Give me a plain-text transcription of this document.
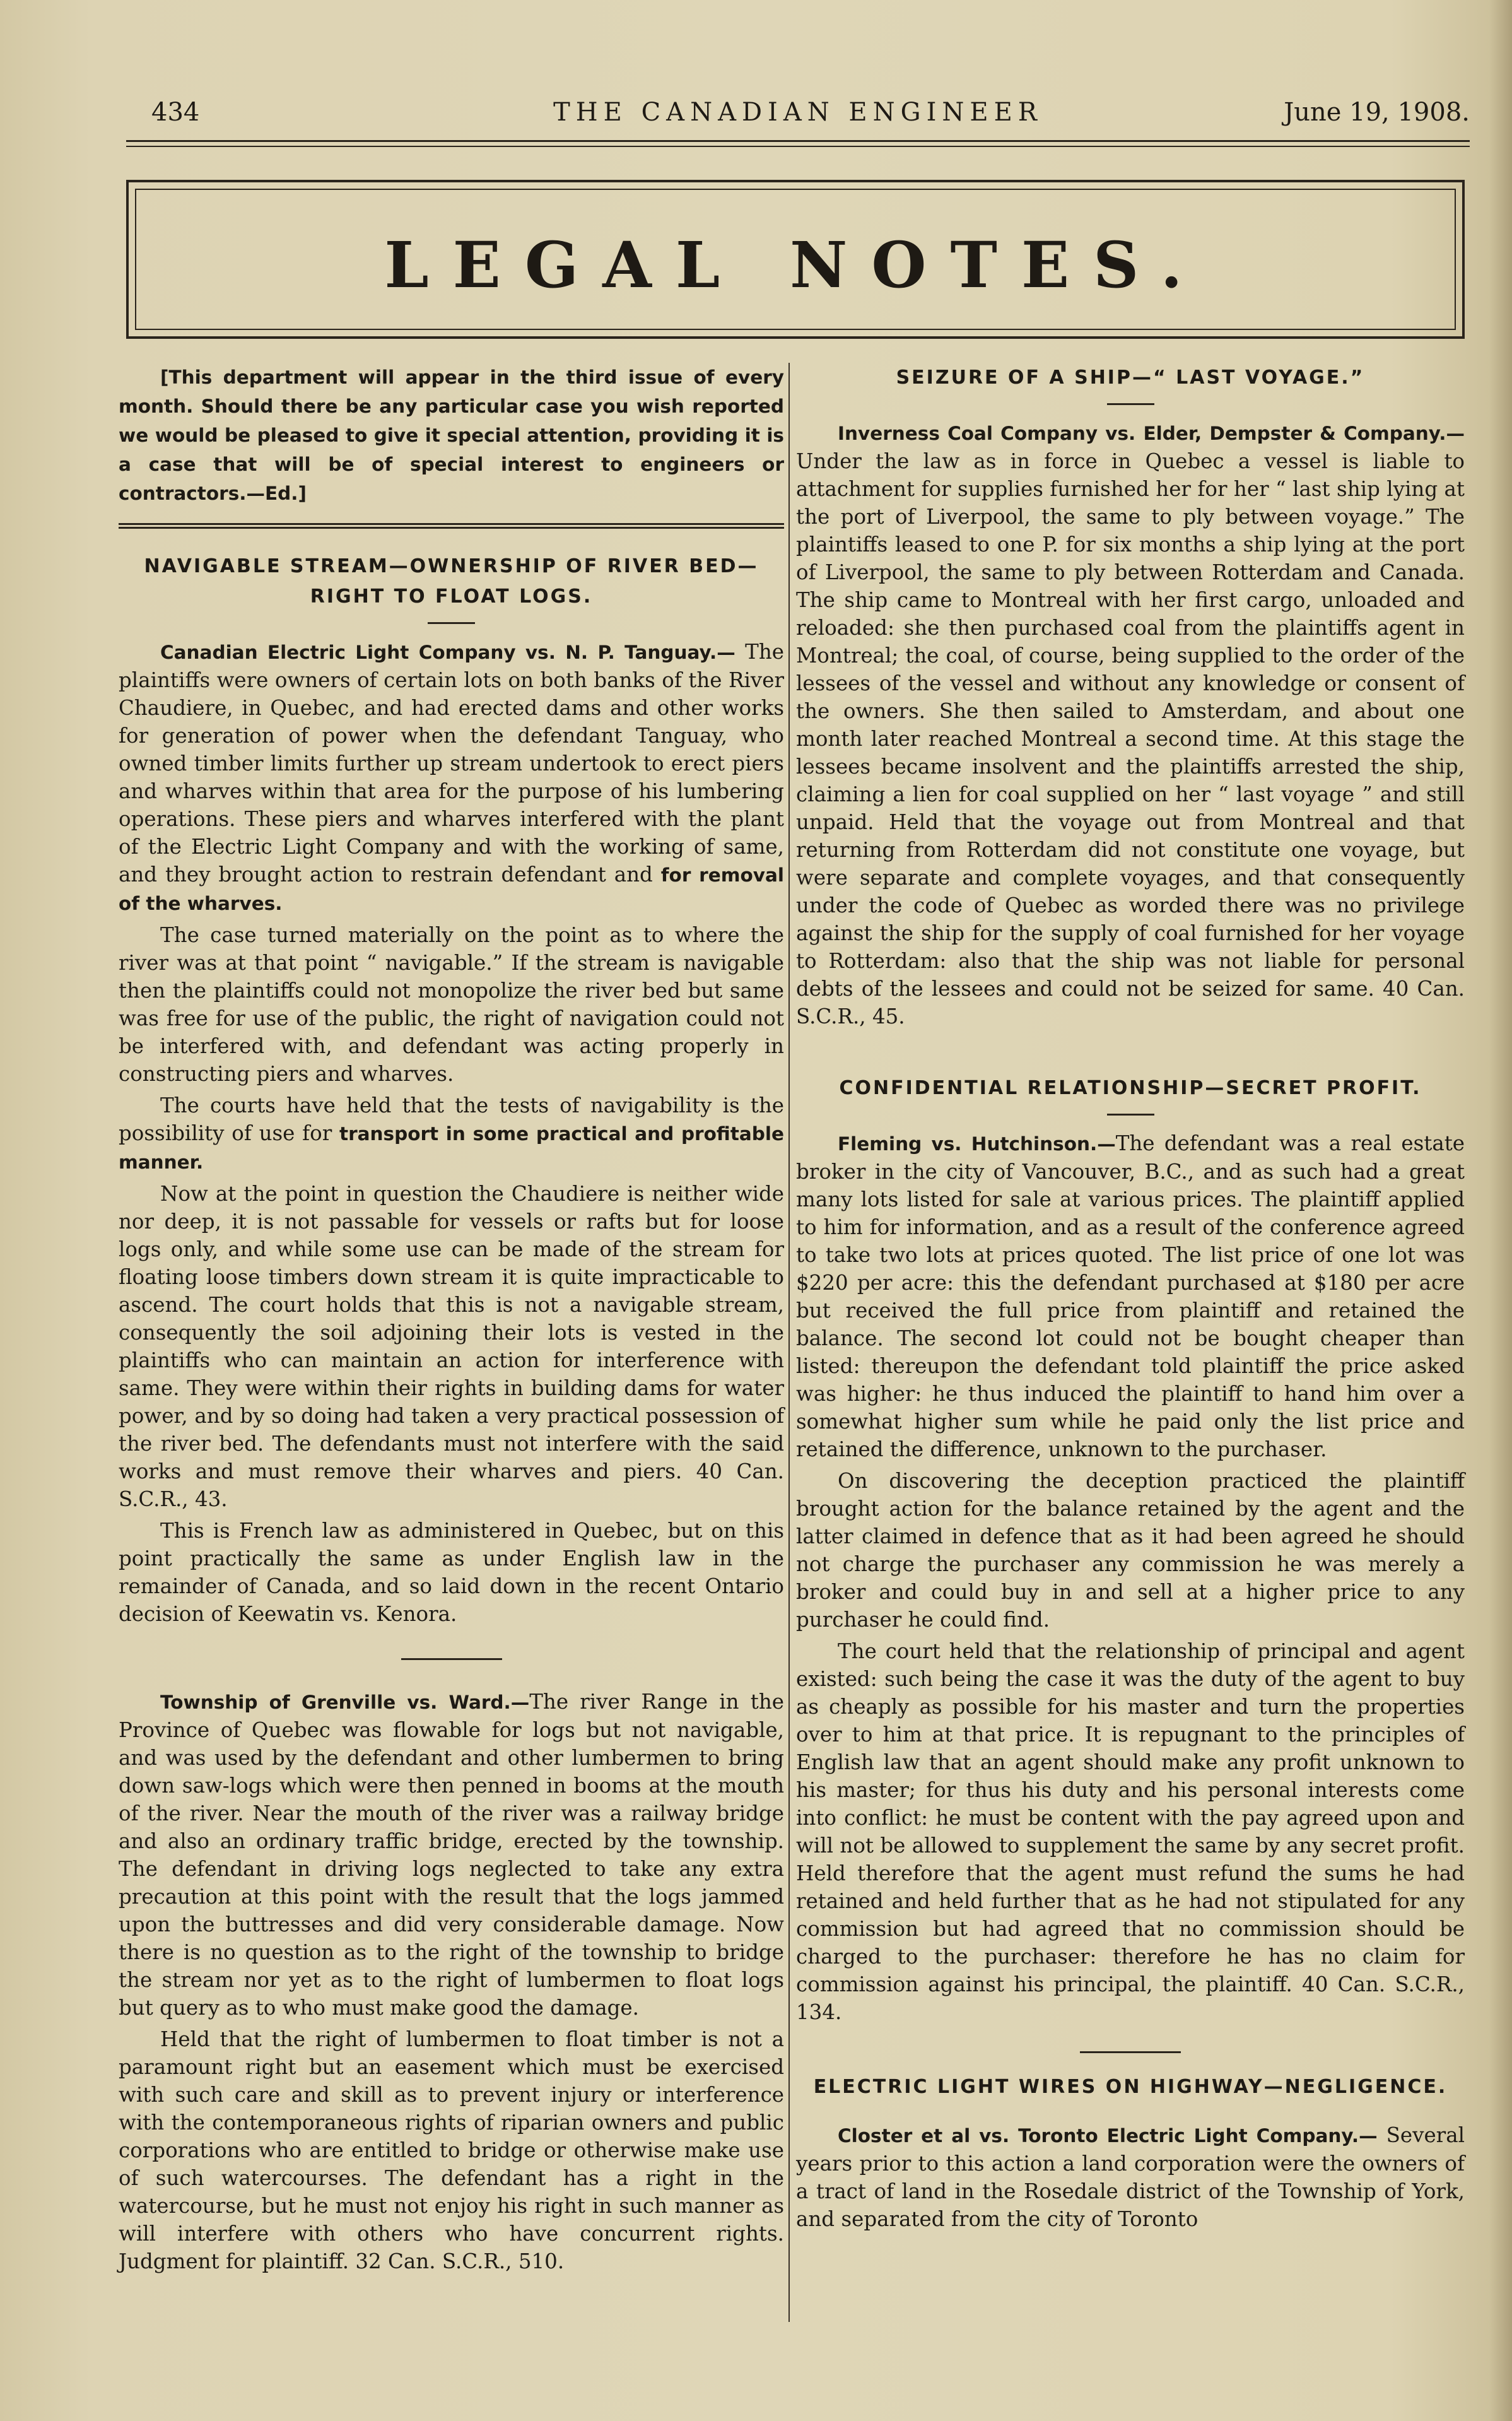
434	THE CANADIAN ENGINEER	June 19, 1908.
LEGAL NOTES.

[This department will appear in the third issue of every month. Should there be any particular case you wish reported we would be pleased to give it special attention, providing it is a case that will be of special interest to engineers or contractors.—Ed.]

NAVIGABLE STREAM—OWNERSHIP OF RIVER BED—RIGHT TO FLOAT LOGS.

Canadian Electric Light Company vs. N. P. Tanguay.— The plaintiffs were owners of certain lots on both banks of the River Chaudiere, in Quebec, and had erected dams and other works for generation of power when the defendant Tanguay, who owned timber limits further up stream undertook to erect piers and wharves within that area for the purpose of his lumbering operations. These piers and wharves interfered with the plant of the Electric Light Company and with the working of same, and they brought action to restrain defendant and for removal of the wharves.

The case turned materially on the point as to where the river was at that point “ navigable.” If the stream is navigable then the plaintiffs could not monopolize the river bed but same was free for use of the public, the right of navigation could not be interfered with, and defendant was acting properly in constructing piers and wharves.

The courts have held that the tests of navigability is the possibility of use for transport in some practical and profitable manner.

Now at the point in question the Chaudiere is neither wide nor deep, it is not passable for vessels or rafts but for loose logs only, and while some use can be made of the stream for floating loose timbers down stream it is quite impracticable to ascend. The court holds that this is not a navigable stream, consequently the soil adjoining their lots is vested in the plaintiffs who can maintain an action for interference with same. They were within their rights in building dams for water power, and by so doing had taken a very practical possession of the river bed. The defendants must not interfere with the said works and must remove their wharves and piers. 40 Can. S.C.R., 43.

This is French law as administered in Quebec, but on this point practically the same as under English law in the remainder of Canada, and so laid down in the recent Ontario decision of Keewatin vs. Kenora.

Township of Grenville vs. Ward.—The river Range in the Province of Quebec was flowable for logs but not navigable, and was used by the defendant and other lumbermen to bring down saw-logs which were then penned in booms at the mouth of the river. Near the mouth of the river was a railway bridge and also an ordinary traffic bridge, erected by the township. The defendant in driving logs neglected to take any extra precaution at this point with the result that the logs jammed upon the buttresses and did very considerable damage. Now there is no question as to the right of the township to bridge the stream nor yet as to the right of lumbermen to float logs but query as to who must make good the damage.

Held that the right of lumbermen to float timber is not a paramount right but an easement which must be exercised with such care and skill as to prevent injury or interference with the contemporaneous rights of riparian owners and public corporations who are entitled to bridge or otherwise make use of such watercourses. The defendant has a right in the watercourse, but he must not enjoy his right in such manner as will interfere with others who have concurrent rights. Judgment for plaintiff. 32 Can. S.C.R., 510.

SEIZURE OF A SHIP—“ LAST VOYAGE.”

Inverness Coal Company vs. Elder, Dempster & Company.—Under the law as in force in Quebec a vessel is liable to attachment for supplies furnished her for her “ last ship lying at the port of Liverpool, the same to ply between voyage.” The plaintiffs leased to one P. for six months a ship lying at the port of Liverpool, the same to ply between Rotterdam and Canada. The ship came to Montreal with her first cargo, unloaded and reloaded: she then purchased coal from the plaintiffs agent in Montreal; the coal, of course, being supplied to the order of the lessees of the vessel and without any knowledge or consent of the owners. She then sailed to Amsterdam, and about one month later reached Montreal a second time. At this stage the lessees became insolvent and the plaintiffs arrested the ship, claiming a lien for coal supplied on her “ last voyage ” and still unpaid. Held that the voyage out from Montreal and that returning from Rotterdam did not constitute one voyage, but were separate and complete voyages, and that consequently under the code of Quebec as worded there was no privilege against the ship for the supply of coal furnished for her voyage to Rotterdam: also that the ship was not liable for personal debts of the lessees and could not be seized for same. 40 Can. S.C.R., 45.

CONFIDENTIAL RELATIONSHIP—SECRET PROFIT.

Fleming vs. Hutchinson.—The defendant was a real estate broker in the city of Vancouver, B.C., and as such had a great many lots listed for sale at various prices. The plaintiff applied to him for information, and as a result of the conference agreed to take two lots at prices quoted. The list price of one lot was $220 per acre: this the defendant purchased at $180 per acre but received the full price from plaintiff and retained the balance. The second lot could not be bought cheaper than listed: thereupon the defendant told plaintiff the price asked was higher: he thus induced the plaintiff to hand him over a somewhat higher sum while he paid only the list price and retained the difference, unknown to the purchaser.

On discovering the deception practiced the plaintiff brought action for the balance retained by the agent and the latter claimed in defence that as it had been agreed he should not charge the purchaser any commission he was merely a broker and could buy in and sell at a higher price to any purchaser he could find.

The court held that the relationship of principal and agent existed: such being the case it was the duty of the agent to buy as cheaply as possible for his master and turn the properties over to him at that price. It is repugnant to the principles of English law that an agent should make any profit unknown to his master; for thus his duty and his personal interests come into conflict: he must be content with the pay agreed upon and will not be allowed to supplement the same by any secret profit. Held therefore that the agent must refund the sums he had retained and held further that as he had not stipulated for any commission but had agreed that no commission should be charged to the purchaser: therefore he has no claim for commission against his principal, the plaintiff. 40 Can. S.C.R., 134.

ELECTRIC LIGHT WIRES ON HIGHWAY—NEGLIGENCE.

Closter et al vs. Toronto Electric Light Company.— Several years prior to this action a land corporation were the owners of a tract of land in the Rosedale district of the Township of York, and separated from the city of Toronto
